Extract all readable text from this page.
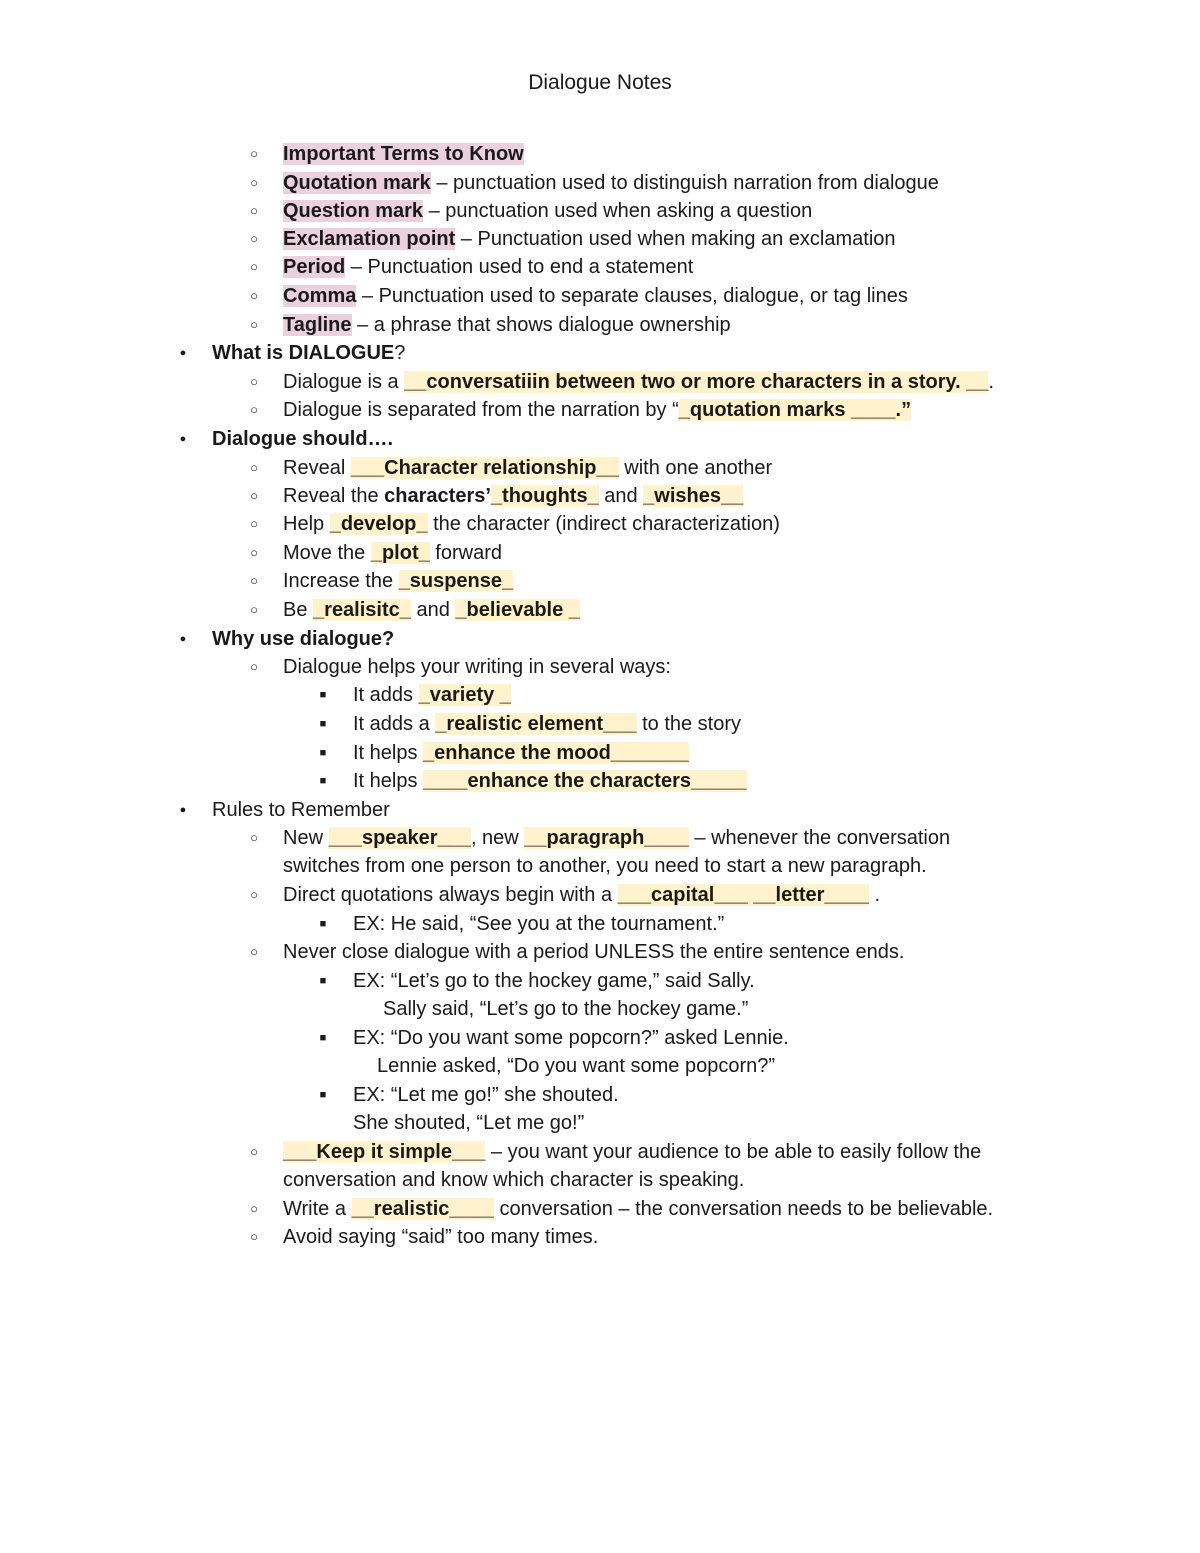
Dialogue Notes
○	Important Terms to Know
○	Quotation mark – punctuation used to distinguish narration from dialogue
○	Question mark – punctuation used when asking a question
○	Exclamation point – Punctuation used when making an exclamation
○	Period – Punctuation used to end a statement
○	Comma – Punctuation used to separate clauses, dialogue, or tag lines
○	Tagline – a phrase that shows dialogue ownership
●	What is DIALOGUE?
○	Dialogue is a __conversatiiin between two or more characters in a story. __.
○	Dialogue is separated from the narration by “_quotation marks ____.”
●	Dialogue should….
○	Reveal ___Character relationship__ with one another
○	Reveal the characters’_thoughts_ and _wishes__
○	Help _develop_ the character (indirect characterization)
○	Move the _plot_ forward
○	Increase the _suspense_
○	Be _realisitc_ and _believable _
●	Why use dialogue?
○	Dialogue helps your writing in several ways:
■	It adds _variety _
■	It adds a _realistic element___ to the story
■	It helps _enhance the mood_______
■	It helps ____enhance the characters_____
●	Rules to Remember
○	New ___speaker___, new __paragraph____ – whenever the conversation
switches from one person to another, you need to start a new paragraph.
○	Direct quotations always begin with a ___capital___ __letter____ .
■	EX: He said, “See you at the tournament.”
○	Never close dialogue with a period UNLESS the entire sentence ends.
■	EX: “Let’s go to the hockey game,” said Sally.
Sally said, “Let’s go to the hockey game.”
■	EX: “Do you want some popcorn?” asked Lennie.
Lennie asked, “Do you want some popcorn?”
■	EX: “Let me go!” she shouted.
She shouted, “Let me go!”
○	___Keep it simple___ – you want your audience to be able to easily follow the
conversation and know which character is speaking.
○	Write a __realistic____ conversation – the conversation needs to be believable.
○	Avoid saying “said” too many times.
